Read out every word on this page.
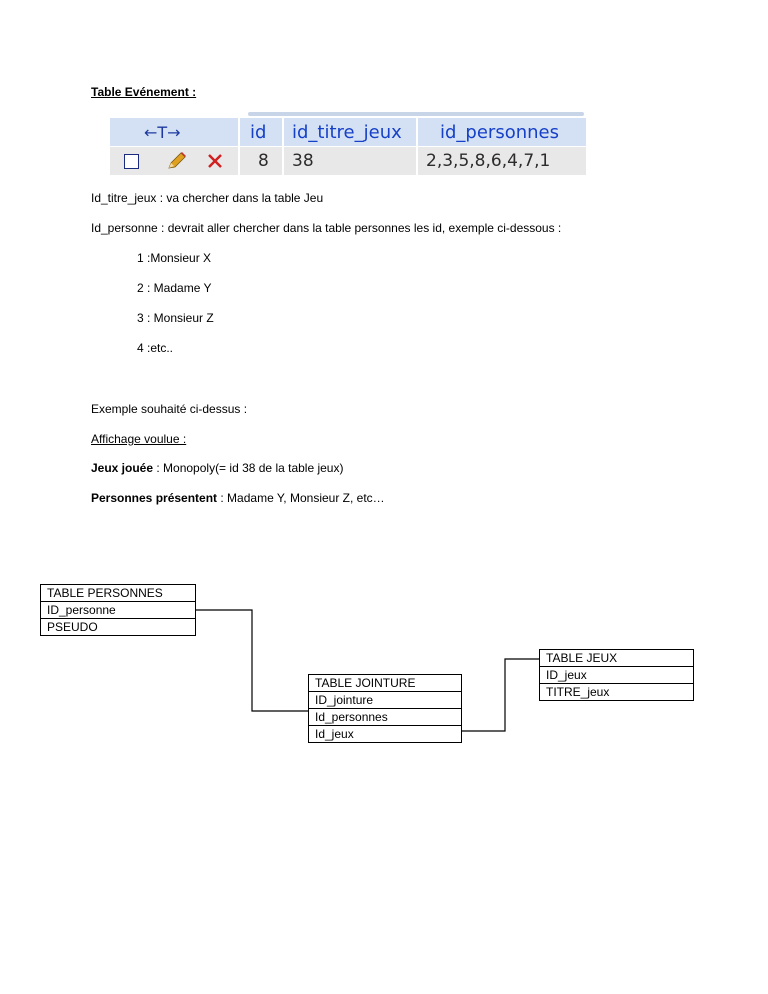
Table Evénement :
←T→	id id_titre_jeux id_personnes
8 38	2,3,5,8,6,4,7,1
Id_titre_jeux : va chercher dans la table Jeu
Id_personne : devrait aller chercher dans la table personnes les id, exemple ci-dessous :
1 :Monsieur X
2 : Madame Y
3 : Monsieur Z
4 :etc..
Exemple souhaité ci-dessus :
Affichage voulue :
Jeux jouée : Monopoly(= id 38 de la table jeux)
Personnes présentent : Madame Y, Monsieur Z, etc…
TABLE PERSONNES
ID_personne
PSEUDO
TABLE JOINTURE
ID_jointure
Id_personnes
Id_jeux
TABLE JEUX
ID_jeux
TITRE_jeux
